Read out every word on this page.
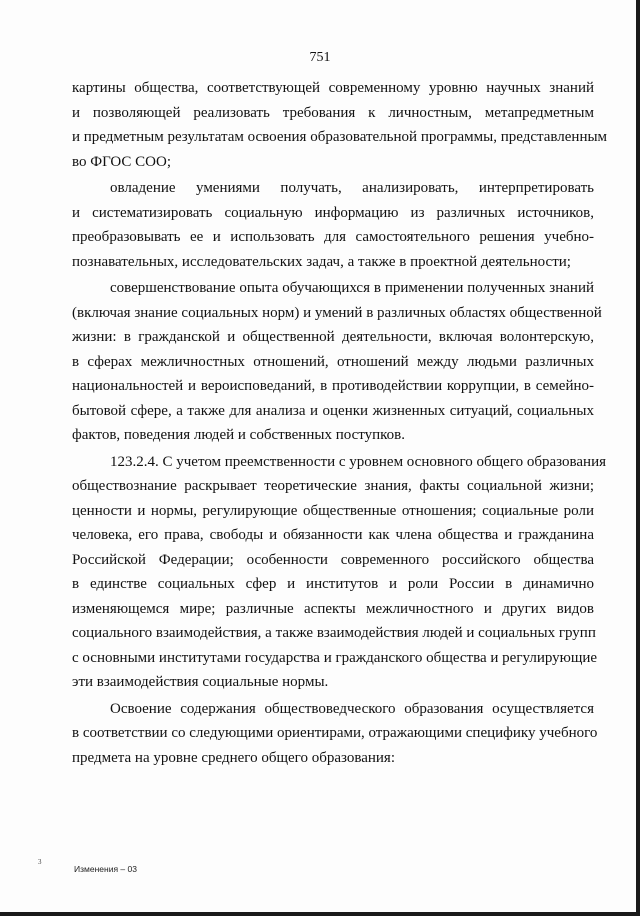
751
картины общества, соответствующей современному уровню научных знаний
и позволяющей реализовать требования к личностным, метапредметным
и предметным результатам освоения образовательной программы, представленным
во ФГОС СОО;
овладение умениями получать, анализировать, интерпретировать
и систематизировать социальную информацию из различных источников,
преобразовывать ее и использовать для самостоятельного решения учебно-
познавательных, исследовательских задач, а также в проектной деятельности;
совершенствование опыта обучающихся в применении полученных знаний
(включая знание социальных норм) и умений в различных областях общественной
жизни: в гражданской и общественной деятельности, включая волонтерскую,
в сферах межличностных отношений, отношений между людьми различных
национальностей и вероисповеданий, в противодействии коррупции, в семейно-
бытовой сфере, а также для анализа и оценки жизненных ситуаций, социальных
фактов, поведения людей и собственных поступков.
123.2.4. С учетом преемственности с уровнем основного общего образования
обществознание раскрывает теоретические знания, факты социальной жизни;
ценности и нормы, регулирующие общественные отношения; социальные роли
человека, его права, свободы и обязанности как члена общества и гражданина
Российской Федерации; особенности современного российского общества
в единстве социальных сфер и институтов и роли России в динамично
изменяющемся мире; различные аспекты межличностного и других видов
социального взаимодействия, а также взаимодействия людей и социальных групп
с основными институтами государства и гражданского общества и регулирующие
эти взаимодействия социальные нормы.
Освоение содержания обществоведческого образования осуществляется
в соответствии со следующими ориентирами, отражающими специфику учебного
предмета на уровне среднего общего образования:
3
Изменения – 03
